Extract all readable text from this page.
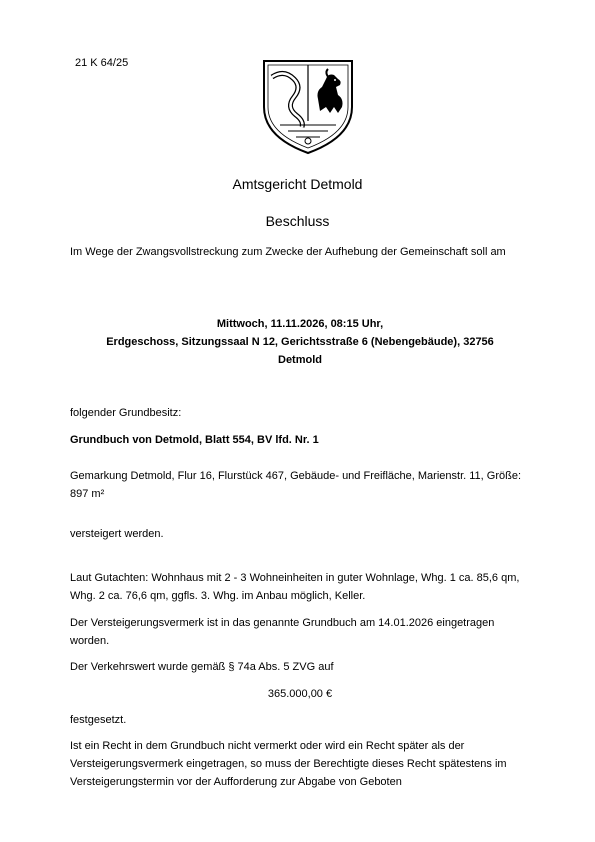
21 K 64/25
Amtsgericht Detmold
Beschluss
Im Wege der Zwangsvollstreckung zum Zwecke der Aufhebung der Gemeinschaft soll am
Mittwoch, 11.11.2026, 08:15 Uhr,
Erdgeschoss, Sitzungssaal N 12, Gerichtsstraße 6 (Nebengebäude), 32756
Detmold
folgender Grundbesitz:
Grundbuch von Detmold, Blatt 554, BV lfd. Nr. 1
Gemarkung Detmold, Flur 16, Flurstück 467, Gebäude- und Freifläche, Marienstr. 11, Größe: 897 m²
versteigert werden.
Laut Gutachten: Wohnhaus mit 2 - 3 Wohneinheiten in guter Wohnlage, Whg. 1 ca. 85,6 qm, Whg. 2 ca. 76,6 qm, ggfls. 3. Whg. im Anbau möglich, Keller.
Der Versteigerungsvermerk ist in das genannte Grundbuch am 14.01.2026 eingetragen worden.
Der Verkehrswert wurde gemäß § 74a Abs. 5 ZVG auf
365.000,00 €
festgesetzt.
Ist ein Recht in dem Grundbuch nicht vermerkt oder wird ein Recht später als der Versteigerungsvermerk eingetragen, so muss der Berechtigte dieses Recht spätestens im Versteigerungstermin vor der Aufforderung zur Abgabe von Geboten
